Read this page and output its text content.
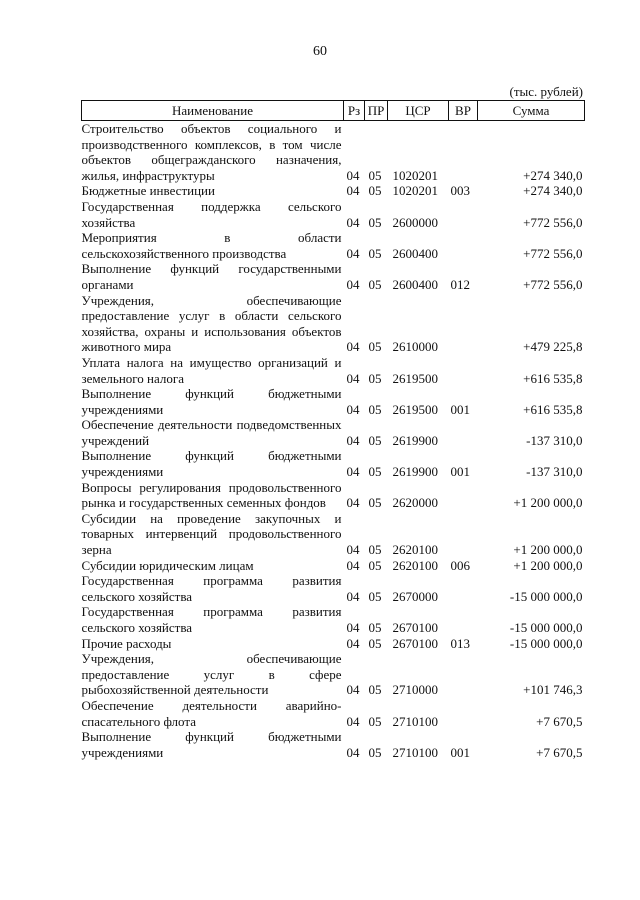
60
(тыс. рублей)
Наименование	Рз	ПР	ЦСР	ВР	Сумма
Строительство объектов социального и производственного комплексов, в том числе объектов общегражданского назначения, жилья, инфраструктуры	04	05	1020201		+274 340,0
Бюджетные инвестиции	04	05	1020201	003	+274 340,0
Государственная поддержка сельского хозяйства	04	05	2600000		+772 556,0
Мероприятия в области сельскохозяйственного производства	04	05	2600400		+772 556,0
Выполнение функций государственными органами	04	05	2600400	012	+772 556,0
Учреждения, обеспечивающие предоставление услуг в области сельского хозяйства, охраны и использования объектов животного мира	04	05	2610000		+479 225,8
Уплата налога на имущество организаций и земельного налога	04	05	2619500		+616 535,8
Выполнение функций бюджетными учреждениями	04	05	2619500	001	+616 535,8
Обеспечение деятельности подведомственных учреждений	04	05	2619900		-137 310,0
Выполнение функций бюджетными учреждениями	04	05	2619900	001	-137 310,0
Вопросы регулирования продовольственного рынка и государственных семенных фондов	04	05	2620000		+1 200 000,0
Субсидии на проведение закупочных и товарных интервенций продовольственного зерна	04	05	2620100		+1 200 000,0
Субсидии юридическим лицам	04	05	2620100	006	+1 200 000,0
Государственная программа развития сельского хозяйства	04	05	2670000		-15 000 000,0
Государственная программа развития сельского хозяйства	04	05	2670100		-15 000 000,0
Прочие расходы	04	05	2670100	013	-15 000 000,0
Учреждения, обеспечивающие предоставление услуг в сфере рыбохозяйственной деятельности	04	05	2710000		+101 746,3
Обеспечение деятельности аварийно-спасательного флота	04	05	2710100		+7 670,5
Выполнение функций бюджетными учреждениями	04	05	2710100	001	+7 670,5
